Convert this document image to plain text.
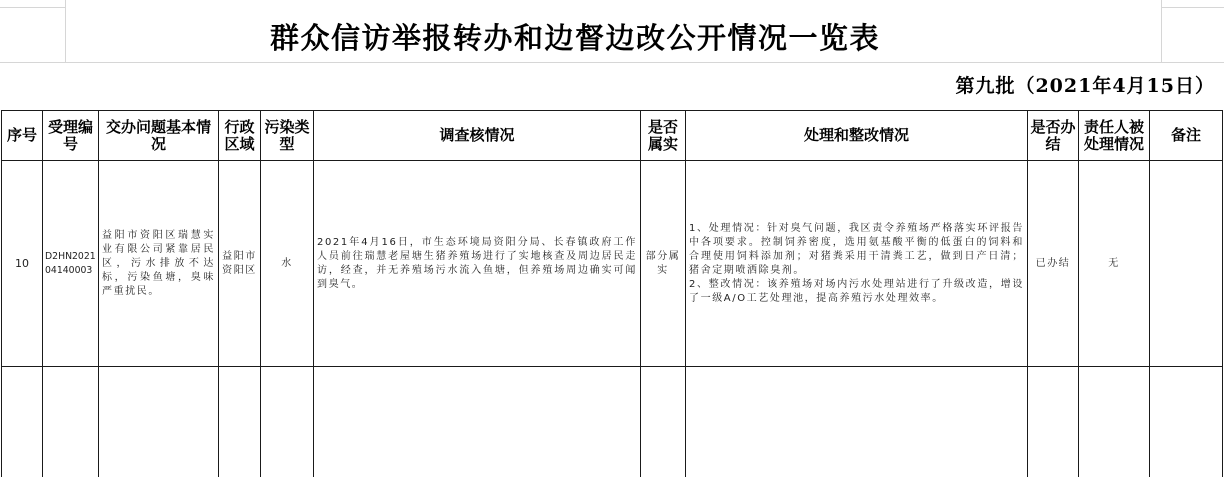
群众信访举报转办和边督边改公开情况一览表
第九批（2021年4月15日）
序号	受理编号	交办问题基本情况	行政区域	污染类型	调查核情况	是否属实	处理和整改情况	是否办结	责任人被处理情况	备注
10	D2HN202104140003	益阳市资阳区瑞慧实业有限公司紧靠居民区，污水排放不达标，污染鱼塘，臭味严重扰民。	益阳市资阳区	水	2021年4月16日，市生态环境局资阳分局、长春镇政府工作人员前往瑞慧老屋塘生猪养殖场进行了实地核查及周边居民走访，经查，并无养殖场污水流入鱼塘，但养殖场周边确实可闻到臭气。	部分属实	1、处理情况：针对臭气问题，我区责令养殖场严格落实环评报告中各项要求。控制饲养密度，选用氨基酸平衡的低蛋白的饲料和合理使用饲料添加剂；对猪粪采用干清粪工艺，做到日产日清；猪舍定期喷洒除臭剂。

2、整改情况：该养殖场对场内污水处理站进行了升级改造，增设了一级A/O工艺处理池，提高养殖污水处理效率。	已办结	无	
